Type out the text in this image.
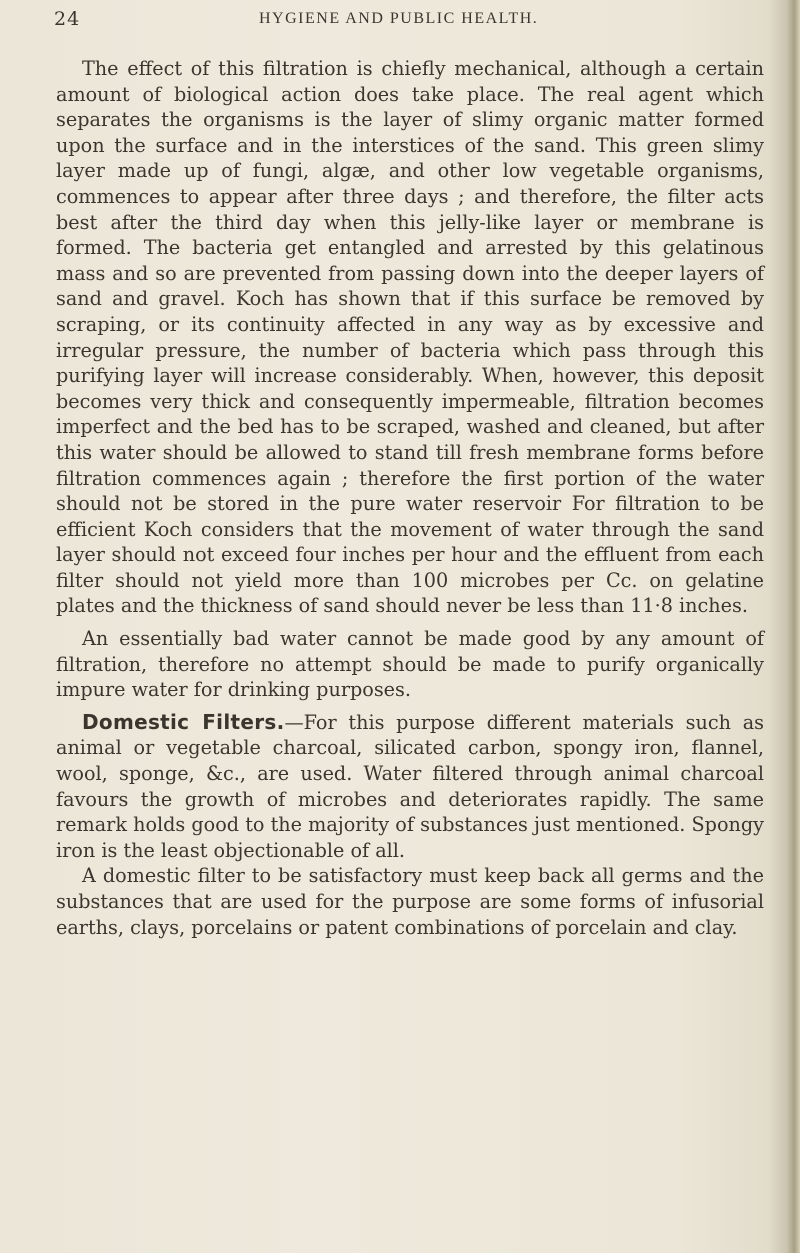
24	HYGIENE AND PUBLIC HEALTH.

The effect of this filtration is chiefly mechanical, although a certain amount of biological action does take place. The real agent which separates the organisms is the layer of slimy organic matter formed upon the surface and in the interstices of the sand. This green slimy layer made up of fungi, algæ, and other low vegetable organisms, commences to appear after three days ; and therefore, the filter acts best after the third day when this jelly-like layer or membrane is formed. The bacteria get entangled and arrested by this gelatinous mass and so are prevented from passing down into the deeper layers of sand and gravel. Koch has shown that if this surface be removed by scraping, or its continuity affected in any way as by excessive and irregular pressure, the number of bacteria which pass through this purifying layer will increase considerably. When, however, this deposit becomes very thick and consequently impermeable, filtration becomes imperfect and the bed has to be scraped, washed and cleaned, but after this water should be allowed to stand till fresh membrane forms before filtration commences again ; therefore the first portion of the water should not be stored in the pure water reservoir For filtration to be efficient Koch considers that the movement of water through the sand layer should not exceed four inches per hour and the effluent from each filter should not yield more than 100 microbes per Cc. on gelatine plates and the thickness of sand should never be less than 11·8 inches.

An essentially bad water cannot be made good by any amount of filtration, therefore no attempt should be made to purify organically impure water for drinking purposes.

Domestic Filters.—For this purpose different materials such as animal or vegetable charcoal, silicated carbon, spongy iron, flannel, wool, sponge, &c., are used. Water filtered through animal charcoal favours the growth of microbes and deteriorates rapidly. The same remark holds good to the majority of substances just mentioned. Spongy iron is the least objectionable of all.

A domestic filter to be satisfactory must keep back all germs and the substances that are used for the purpose are some forms of infusorial earths, clays, porcelains or patent combinations of porcelain and clay.
